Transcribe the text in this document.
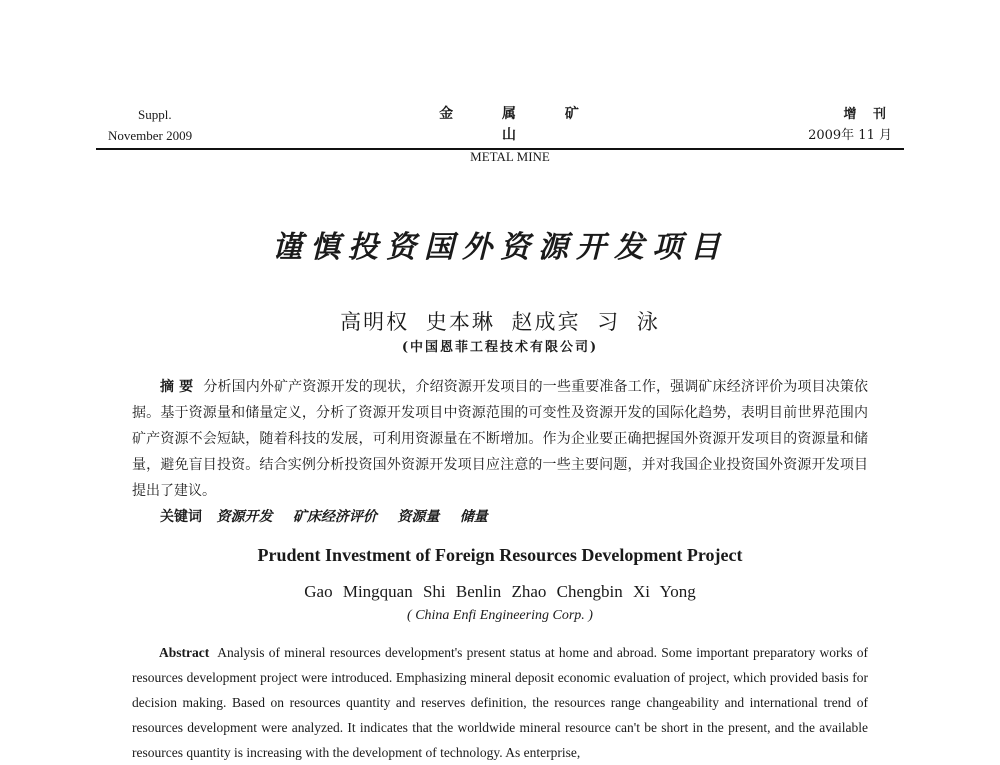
Suppl.
November 2009
金 属 矿 山
METAL MINE
增 刊
2009年 11 月
谨慎投资国外资源开发项目
高明权 史本琳 赵成宾 习 泳
(中国恩菲工程技术有限公司)
摘 要 分析国内外矿产资源开发的现状，介绍资源开发项目的一些重要准备工作，强调矿床经济评价为项目决策依据。基于资源量和储量定义，分析了资源开发项目中资源范围的可变性及资源开发的国际化趋势，表明目前世界范围内矿产资源不会短缺，随着科技的发展，可利用资源量在不断增加。作为企业要正确把握国外资源开发项目的资源量和储量，避免盲目投资。结合实例分析投资国外资源开发项目应注意的一些主要问题，并对我国企业投资国外资源开发项目提出了建议。
关键词 资源开发 矿床经济评价 资源量 储量
Prudent Investment of Foreign Resources Development Project
Gao Mingquan Shi Benlin Zhao Chengbin Xi Yong
( China Enfi Engineering Corp. )
Abstract Analysis of mineral resources development's present status at home and abroad. Some important preparatory works of resources development project were introduced. Emphasizing mineral deposit economic evaluation of project, which provided basis for decision making. Based on resources quantity and reserves definition, the resources range changeability and international trend of resources development were analyzed. It indicates that the worldwide mineral resource can't be short in the present, and the available resources quantity is increasing with the development of technology. As enterprise,
